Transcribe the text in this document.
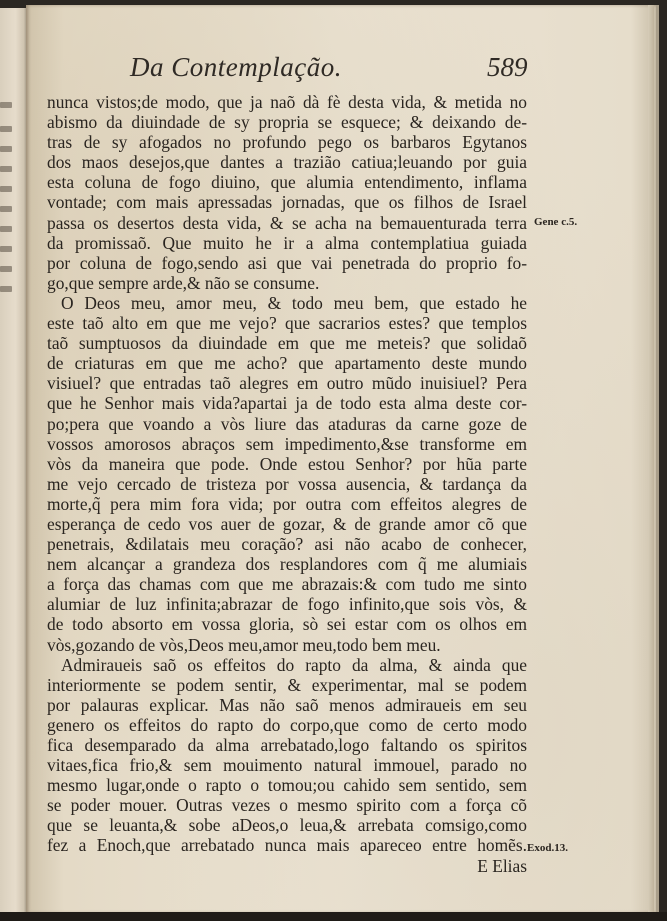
Da Contemplação.	589
nunca vistos;de modo, que ja naõ dà fè desta vida, & metida no
abismo da diuindade de sy propria se esquece; & deixando de-
tras de sy afogados no profundo pego os barbaros Egytanos
dos maos desejos,que dantes a trazião catiua;leuando por guia
esta coluna de fogo diuino, que alumia entendimento, inflama
vontade; com mais apressadas jornadas, que os filhos de Israel
passa os desertos desta vida, & se acha na bemauenturada terra
da promissaõ. Que muito he ir a alma contemplatiua guiada
por coluna de fogo,sendo asi que vai penetrada do proprio fo-
go,que sempre arde,& não se consume.
O Deos meu, amor meu, & todo meu bem, que estado he
este taõ alto em que me vejo? que sacrarios estes? que templos
taõ sumptuosos da diuindade em que me meteis? que solidaõ
de criaturas em que me acho? que apartamento deste mundo
visiuel? que entradas taõ alegres em outro mũdo inuisiuel? Pera
que he Senhor mais vida?apartai ja de todo esta alma deste cor-
po;pera que voando a vòs liure das ataduras da carne goze de
vossos amorosos abraços sem impedimento,&se transforme em
vòs da maneira que pode. Onde estou Senhor? por hũa parte
me vejo cercado de tristeza por vossa ausencia, & tardança da
morte,q̃ pera mim fora vida; por outra com effeitos alegres de
esperança de cedo vos auer de gozar, & de grande amor cõ que
penetrais, &dilatais meu coração? asi não acabo de conhecer,
nem alcançar a grandeza dos resplandores com q̃ me alumiais
a força das chamas com que me abrazais:& com tudo me sinto
alumiar de luz infinita;abrazar de fogo infinito,que sois vòs, &
de todo absorto em vossa gloria, sò sei estar com os olhos em
vòs,gozando de vòs,Deos meu,amor meu,todo bem meu.
Admiraueis saõ os effeitos do rapto da alma, & ainda que
interiormente se podem sentir, & experimentar, mal se podem
por palauras explicar. Mas não saõ menos admiraueis em seu
genero os effeitos do rapto do corpo,que como de certo modo
fica desemparado da alma arrebatado,logo faltando os spiritos
vitaes,fica frio,& sem mouimento natural immouel, parado no
mesmo lugar,onde o rapto o tomou;ou cahido sem sentido, sem
se poder mouer. Outras vezes o mesmo spirito com a força cõ
que se leuanta,& sobe aDeos,o leua,& arrebata comsigo,como
fez a Enoch,que arrebatado nunca mais apareceo entre homẽs.
E Elias
Gene c.5.
Exod.13.
